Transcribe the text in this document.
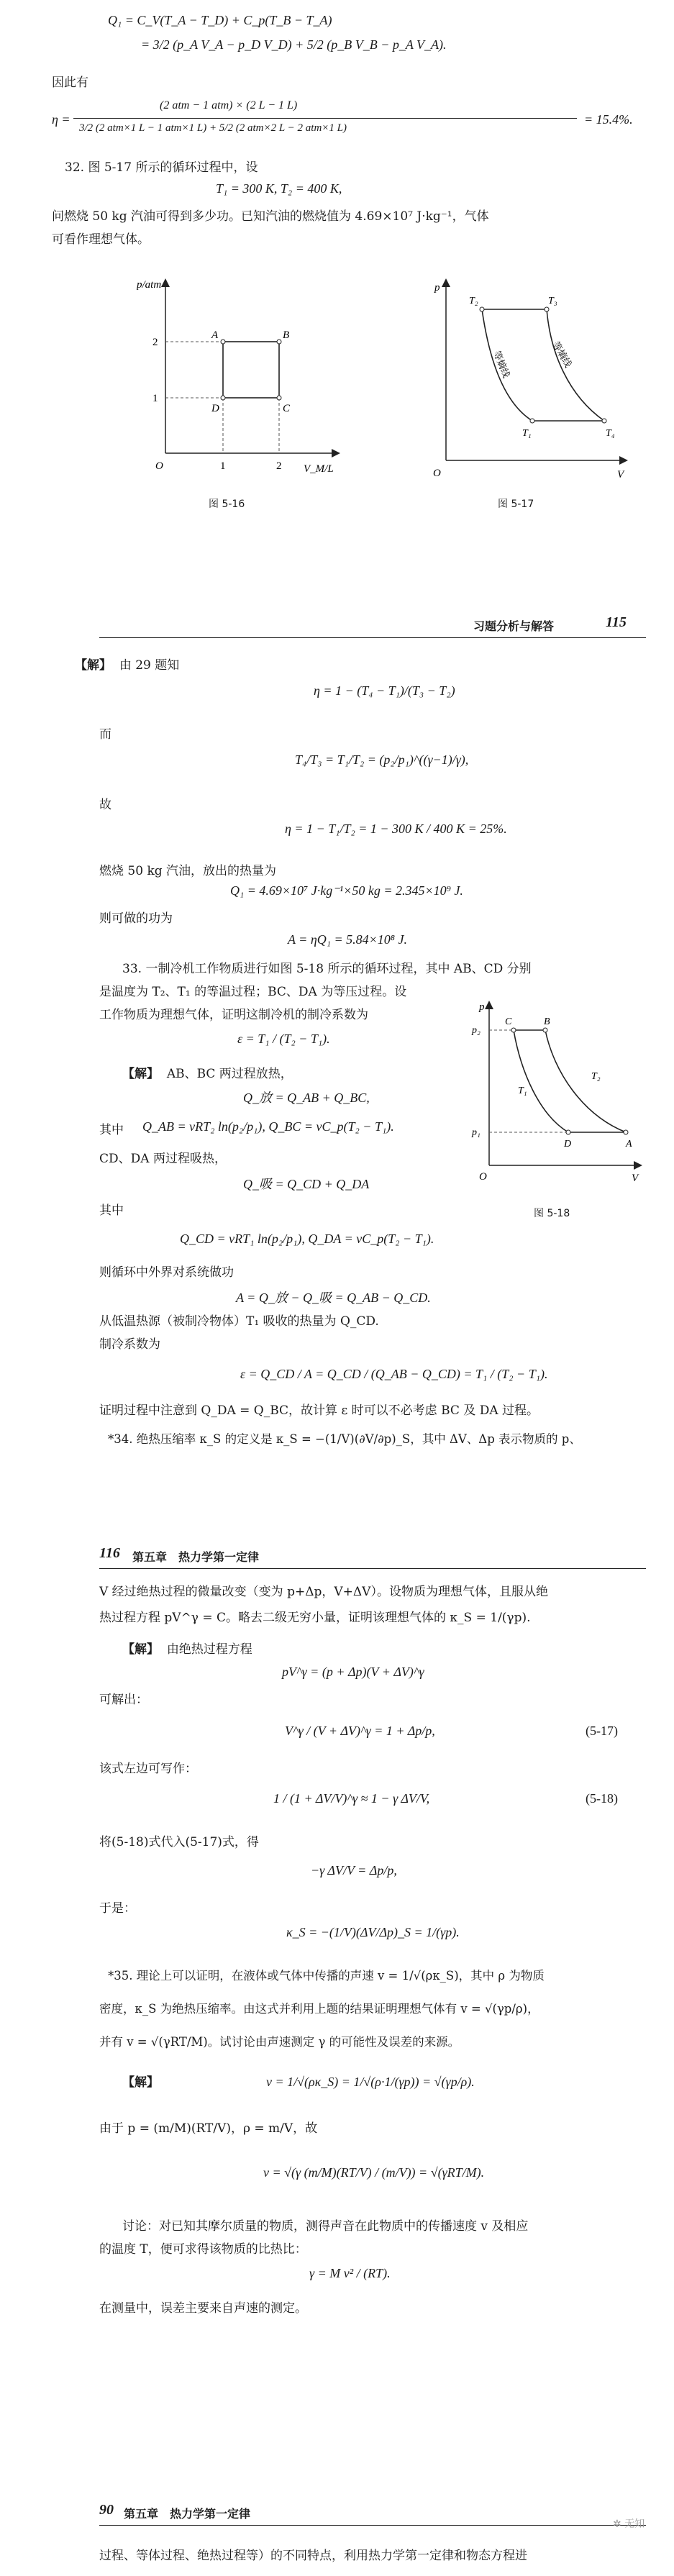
Q₁ = C_V(T_A − T_D) + C_p(T_B − T_A)
= 3/2 (p_A V_A − p_D V_D) + 5/2 (p_B V_B − p_A V_A).
因此有
η =
(2 atm − 1 atm) × (2 L − 1 L)
3/2 (2 atm×1 L − 1 atm×1 L) + 5/2 (2 atm×2 L − 2 atm×1 L)
= 15.4%.
32. 图 5-17 所示的循环过程中，设
T₁ = 300 K, T₂ = 400 K,
问燃烧 50 kg 汽油可得到多少功。已知汽油的燃烧值为 4.69×10⁷ J·kg⁻¹，气体
可看作理想气体。
p/atm
V_M/L
2
1
O	1	2
A	B
C
D
图 5-16
p
V
O
T₂	T₃
T₁	T₄
等熵线	等熵线
图 5-17
习题分析与解答	115
【解】 由 29 题知
η = 1 − (T₄ − T₁)/(T₃ − T₂)
而
T₄/T₃ = T₁/T₂ = (p₂/p₁)^((γ−1)/γ),
故
η = 1 − T₁/T₂ = 1 − 300 K / 400 K = 25%.
燃烧 50 kg 汽油，放出的热量为
Q₁ = 4.69×10⁷ J·kg⁻¹×50 kg = 2.345×10⁹ J.
则可做的功为
A = ηQ₁ = 5.84×10⁸ J.
33. 一制冷机工作物质进行如图 5-18 所示的循环过程，其中 AB、CD 分别
是温度为 T₂、T₁ 的等温过程；BC、DA 为等压过程。设
工作物质为理想气体，证明这制冷机的制冷系数为
ε = T₁ / (T₂ − T₁).
【解】 AB、BC 两过程放热，
Q_放 = Q_AB + Q_BC,
其中 Q_AB = νRT₂ ln(p₂/p₁), Q_BC = νC_p(T₂ − T₁).
CD、DA 两过程吸热，
Q_吸 = Q_CD + Q_DA
其中
Q_CD = νRT₁ ln(p₂/p₁), Q_DA = νC_p(T₂ − T₁).
则循环中外界对系统做功
A = Q_放 − Q_吸 = Q_AB − Q_CD.
从低温热源（被制冷物体）T₁ 吸收的热量为 Q_CD.
制冷系数为
ε = Q_CD / A = Q_CD / (Q_AB − Q_CD) = T₁ / (T₂ − T₁).
证明过程中注意到 Q_DA = Q_BC，故计算 ε 时可以不必考虑 BC 及 DA 过程。
*34. 绝热压缩率 κ_S 的定义是 κ_S = −(1/V)(∂V/∂p)_S，其中 ΔV、Δp 表示物质的 p、
p
V
O
p₂
p₁
C	B
D	A
T₁
T₂
图 5-18
116 第五章　热力学第一定律
V 经过绝热过程的微量改变（变为 p+Δp，V+ΔV）。设物质为理想气体，且服从绝
热过程方程 pV^γ = C。略去二级无穷小量，证明该理想气体的 κ_S = 1/(γp).
【解】 由绝热过程方程
pV^γ = (p + Δp)(V + ΔV)^γ
可解出：
V^γ / (V + ΔV)^γ = 1 + Δp/p,	(5-17)
该式左边可写作：
1 / (1 + ΔV/V)^γ ≈ 1 − γ ΔV/V,	(5-18)
将(5-18)式代入(5-17)式，得
−γ ΔV/V = Δp/p,
于是：
κ_S = −(1/V)(ΔV/Δp)_S = 1/(γp).
*35. 理论上可以证明，在液体或气体中传播的声速 v = 1/√(ρκ_S)，其中 ρ 为物质
密度，κ_S 为绝热压缩率。由这式并利用上题的结果证明理想气体有 v = √(γp/ρ)，
并有 v = √(γRT/M)。试讨论由声速测定 γ 的可能性及误差的来源。
【解】	v = 1/√(ρκ_S) = 1/√(ρ·1/(γp)) = √(γp/ρ).
由于 p = (m/M)(RT/V)，ρ = m/V，故
v = √(γ (m/M)(RT/V) / (m/V)) = √(γRT/M).
讨论：对已知其摩尔质量的物质，测得声音在此物质中的传播速度 v 及相应
的温度 T，便可求得该物质的比热比：
γ = M v² / (RT).
在测量中，误差主要来自声速的测定。
90 第五章　热力学第一定律
过程、等体过程、绝热过程等）的不同特点，利用热力学第一定律和物态方程进
✲ 无知
